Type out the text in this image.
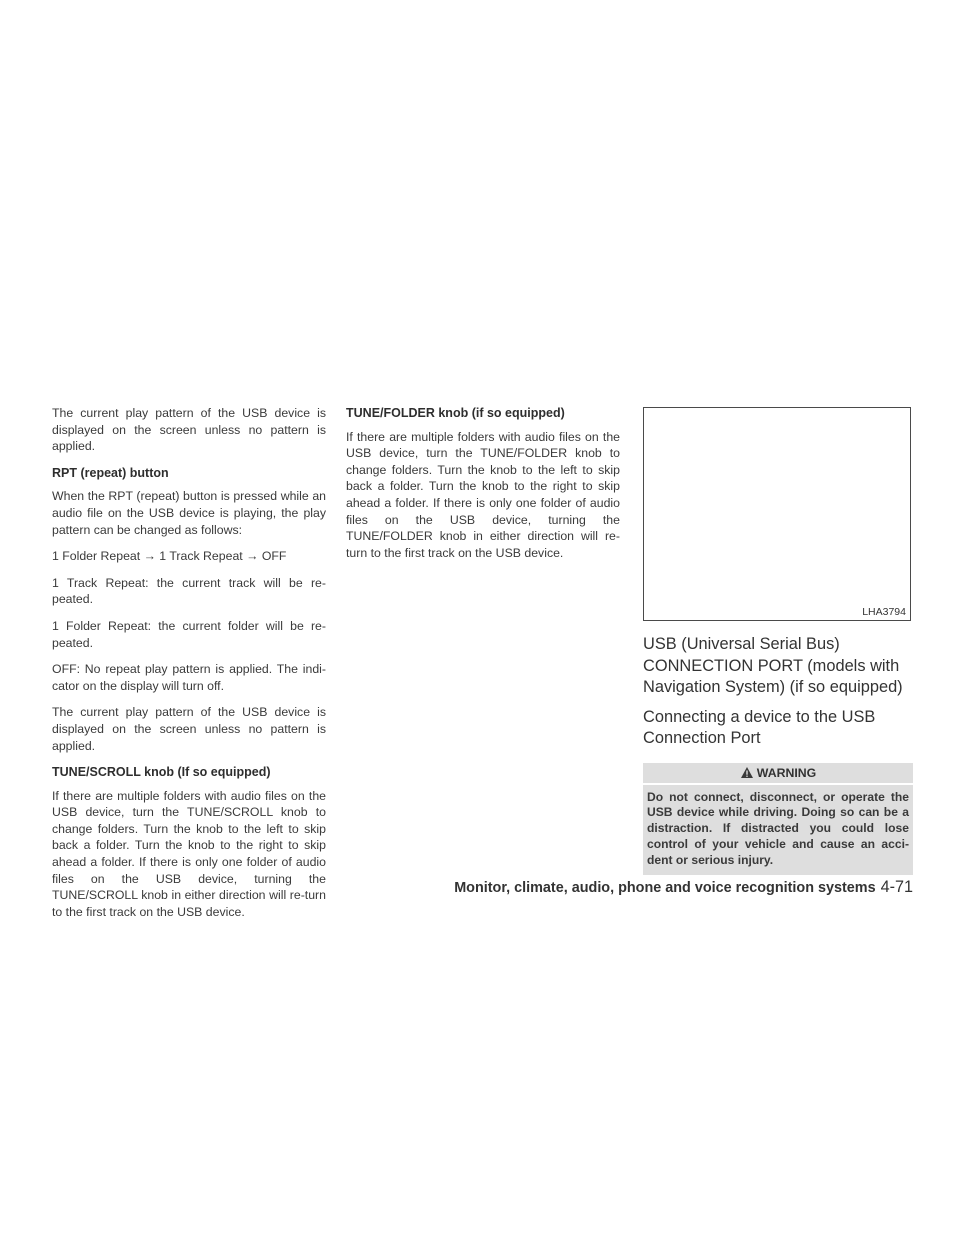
The current play pattern of the USB device is displayed on the screen unless no pattern is applied.

RPT (repeat) button

When the RPT (repeat) button is pressed while an audio file on the USB device is playing, the play pattern can be changed as follows:

1 Folder Repeat → 1 Track Repeat → OFF

1 Track Repeat: the current track will be re-peated.

1 Folder Repeat: the current folder will be re-peated.

OFF: No repeat play pattern is applied. The indi-cator on the display will turn off.

The current play pattern of the USB device is displayed on the screen unless no pattern is applied.

TUNE/SCROLL knob (If so equipped)

If there are multiple folders with audio files on the USB device, turn the TUNE/SCROLL knob to change folders. Turn the knob to the left to skip back a folder. Turn the knob to the right to skip ahead a folder. If there is only one folder of audio files on the USB device, turning the TUNE/SCROLL knob in either direction will re-turn to the first track on the USB device.

TUNE/FOLDER knob (if so equipped)

If there are multiple folders with audio files on the USB device, turn the TUNE/FOLDER knob to change folders. Turn the knob to the left to skip back a folder. Turn the knob to the right to skip ahead a folder. If there is only one folder of audio files on the USB device, turning the TUNE/FOLDER knob in either direction will re-turn to the first track on the USB device.

LHA3794
USB (Universal Serial Bus) CONNECTION PORT (models with Navigation System) (if so equipped)
Connecting a device to the USB Connection Port
WARNING
Do not connect, disconnect, or operate the USB device while driving. Doing so can be a distraction. If distracted you could lose control of your vehicle and cause an acci-dent or serious injury.
Monitor, climate, audio, phone and voice recognition systems 4-71
